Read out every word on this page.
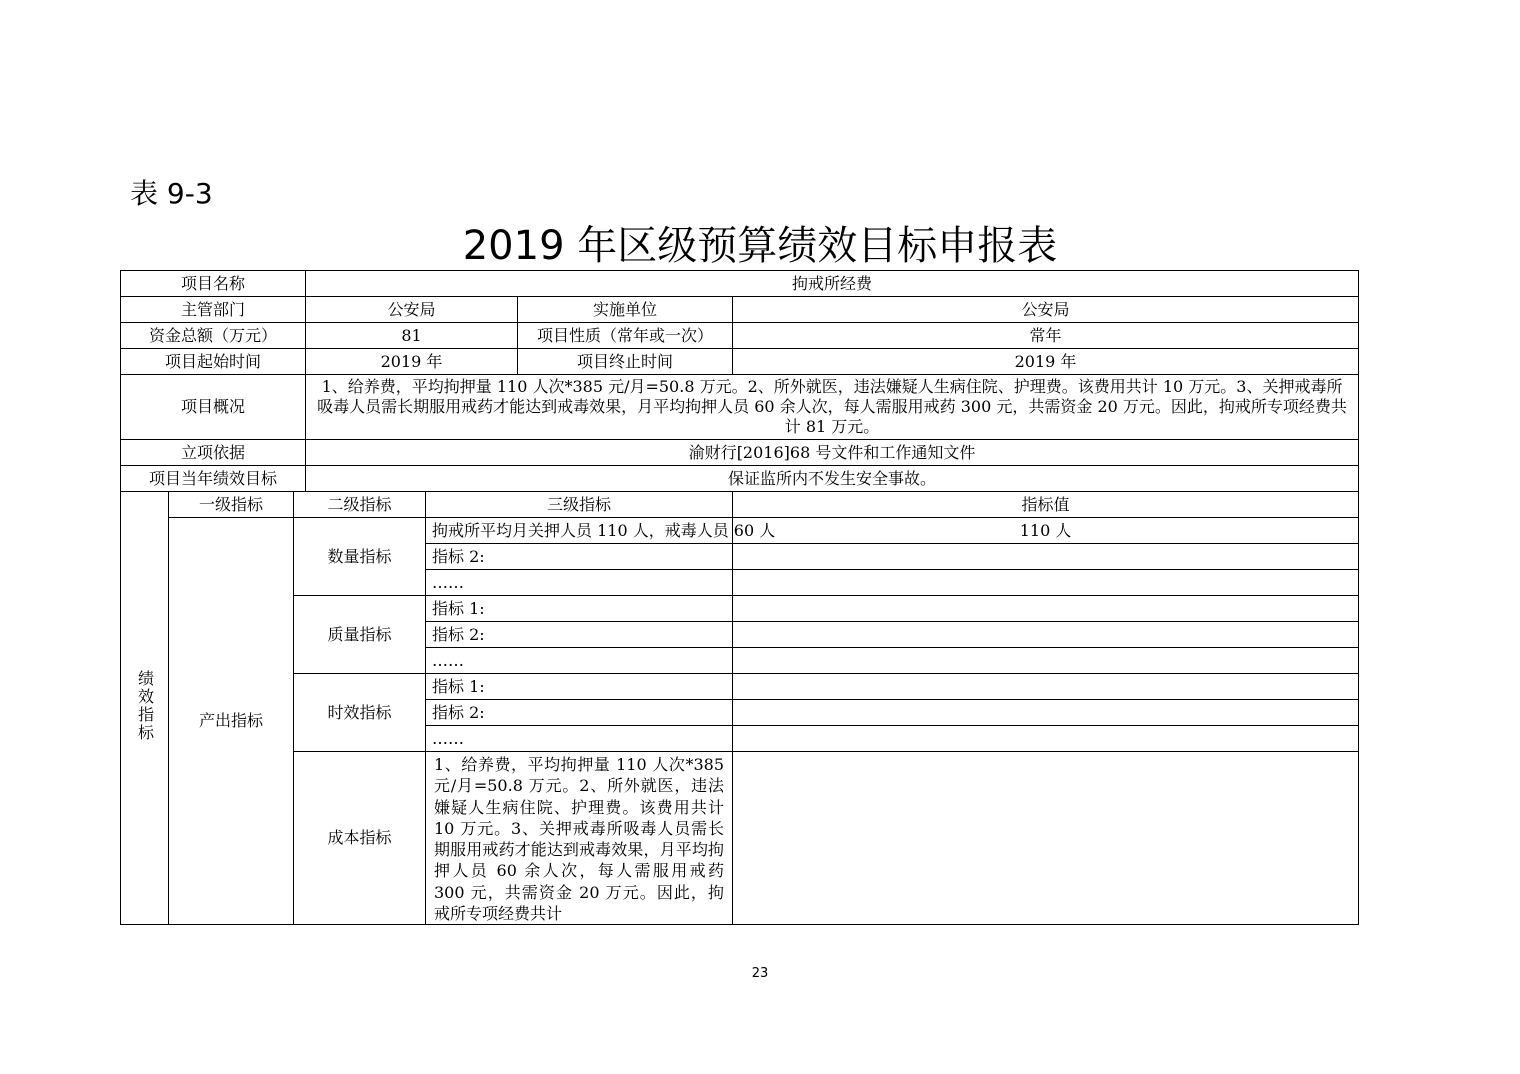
表 9-3
2019 年区级预算绩效目标申报表
项目名称			拘戒所经费			
主管部门			公安局		实施单位	公安局
资金总额（万元）			81		项目性质（常年或一次）	常年
项目起始时间			2019 年		项目终止时间	2019 年
项目概况			1、给养费，平均拘押量 110 人次*385 元/月=50.8 万元。2、所外就医，违法嫌疑人生病住院、护理费。该费用共计 10 万元。3、关押戒毒所吸毒人员需长期服用戒药才能达到戒毒效果，月平均拘押人员 60 余人次，每人需服用戒药 300 元，共需资金 20 万元。因此，拘戒所专项经费共计 81 万元。			
立项依据			渝财行[2016]68 号文件和工作通知文件			
项目当年绩效目标			保证监所内不发生安全事故。			
绩效指标	一级指标	二级指标		三级指标		指标值
	产出指标	数量指标		拘戒所平均月关押人员 110 人，戒毒人员 60 人		110 人
				指标 2:		
				……		
		质量指标		指标 1:		
				指标 2:		
				……		
		时效指标		指标 1:		
				指标 2:		
				……		
		成本指标		1、给养费，平均拘押量 110 人次*385 元/月=50.8 万元。2、所外就医，违法嫌疑人生病住院、护理费。该费用共计 10 万元。3、关押戒毒所吸毒人员需长期服用戒药才能达到戒毒效果，月平均拘押人员 60 余人次，每人需服用戒药 300 元，共需资金 20 万元。因此，拘戒所专项经费共计		
23
